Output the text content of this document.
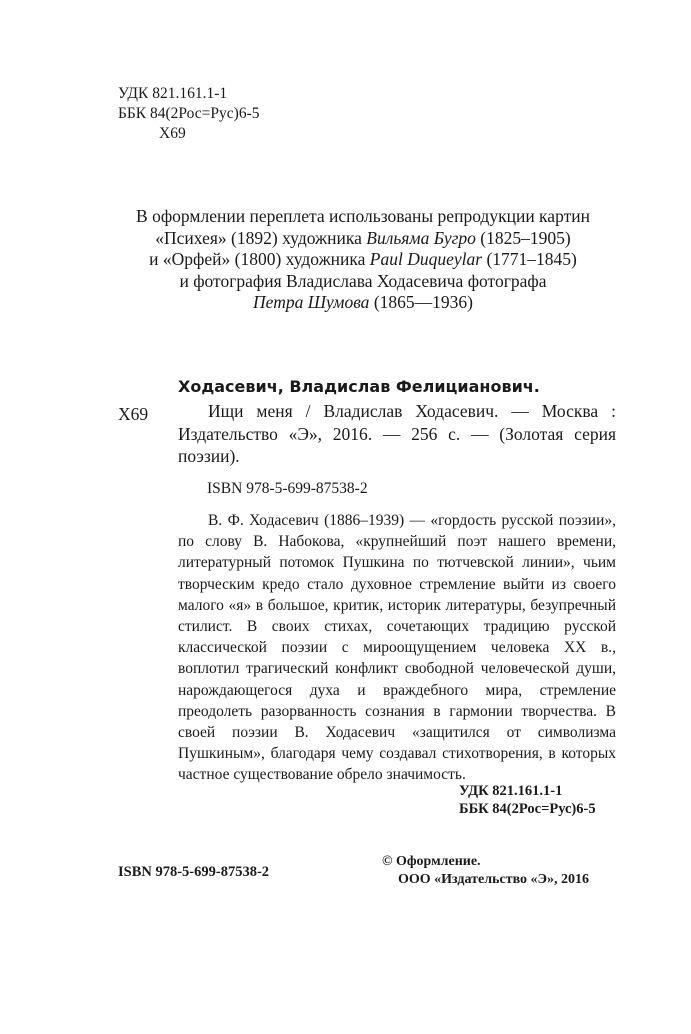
УДК 821.161.1-1
ББК 84(2Рос=Рус)6-5
Х69
В оформлении переплета использованы репродукции картин
«Психея» (1892) художника Вильяма Бугро (1825–1905)
и «Орфей» (1800) художника Paul Duqueylar (1771–1845)
и фотография Владислава Ходасевича фотографа
Петра Шумова (1865—1936)
Ходасевич, Владислав Фелицианович.
Х69	Ищи меня / Владислав Ходасевич. — Москва : Издательство «Э», 2016. — 256 с. — (Золотая серия поэзии).
ISBN 978-5-699-87538-2
В. Ф. Ходасевич (1886–1939) — «гордость русской поэзии», по слову В. Набокова, «крупнейший поэт нашего времени, литературный потомок Пушкина по тютчевской линии», чьим творческим кредо стало духовное стремление выйти из своего малого «я» в большое, критик, историк литературы, безупречный стилист. В своих стихах, сочетающих традицию русской классической поэзии с мироощущением человека XX в., воплотил трагический конфликт свободной человеческой души, нарождающегося духа и враждебного мира, стремление преодолеть разорванность сознания в гармонии творчества. В своей поэзии В. Ходасевич «защитился от символизма Пушкиным», благодаря чему создавал стихотворения, в которых частное существование обрело значимость.
УДК 821.161.1-1
ББК 84(2Рос=Рус)6-5
ISBN 978-5-699-87538-2
© Оформление.
ООО «Издательство «Э», 2016
